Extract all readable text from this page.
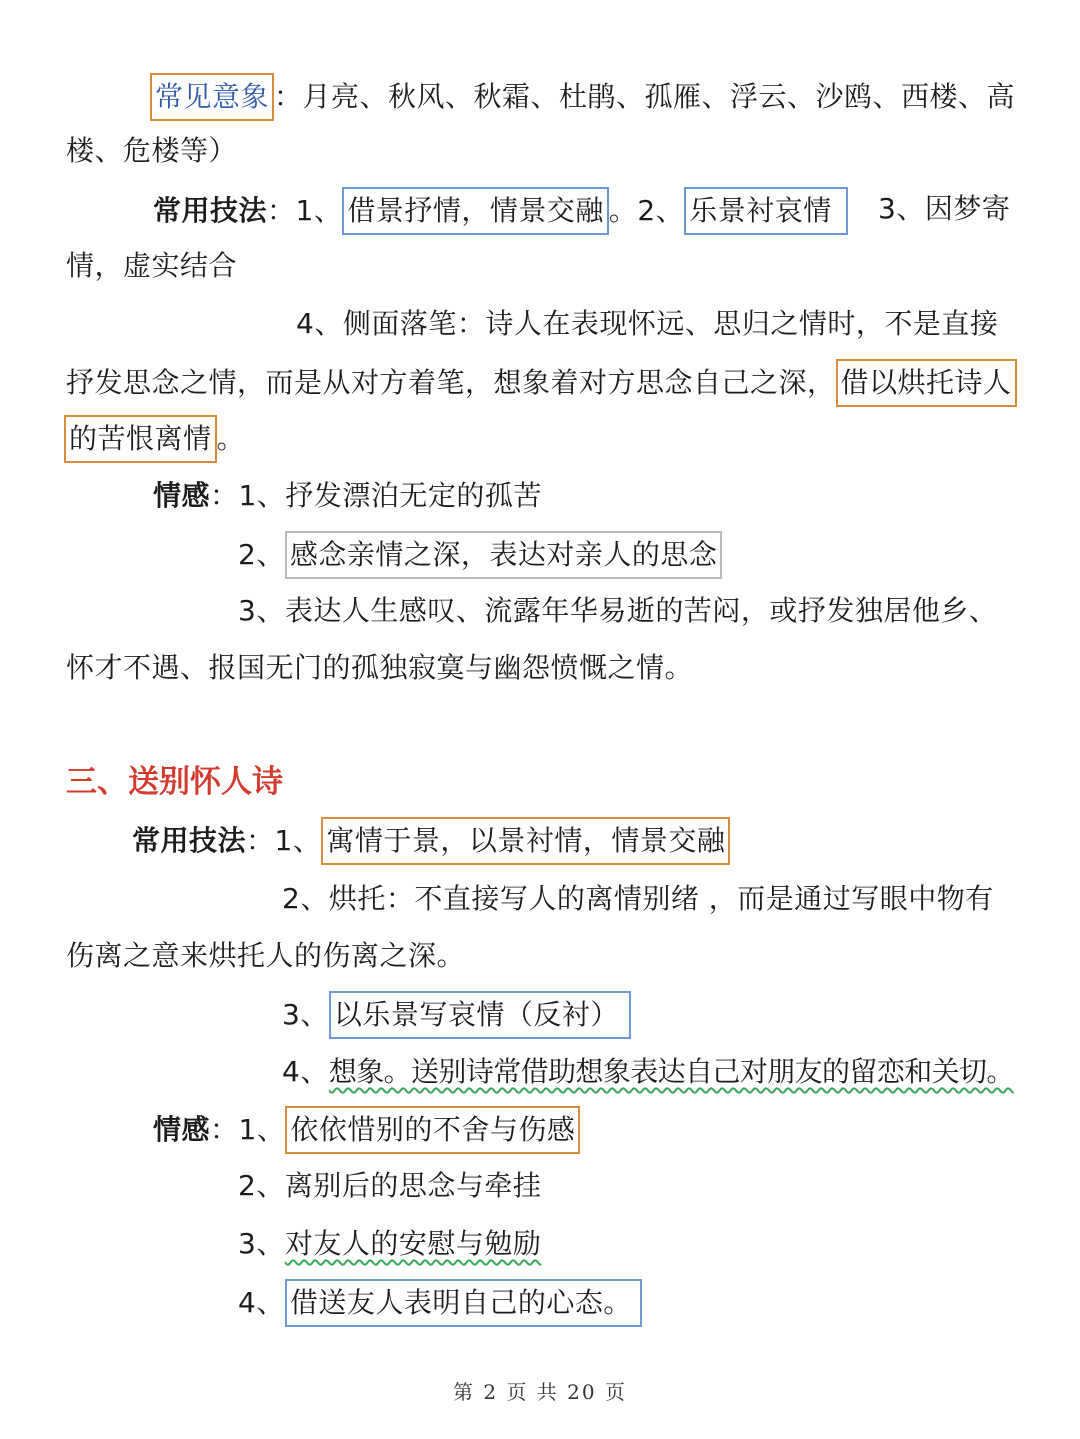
常见意象 ：月亮、秋风、秋霜、杜鹃、孤雁、浮云、沙鸥、西楼、高
楼、危楼等）
常用技法：1、 借景抒情，情景交融 。2、 乐景衬哀情	3、因梦寄
情，虚实结合
4、侧面落笔：诗人在表现怀远、思归之情时，不是直接
抒发思念之情，而是从对方着笔，想象着对方思念自己之深， 借以烘托诗人
的苦恨离情 。
情感：1、抒发漂泊无定的孤苦
2、 感念亲情之深，表达对亲人的思念
3、表达人生感叹、流露年华易逝的苦闷，或抒发独居他乡、
怀才不遇、报国无门的孤独寂寞与幽怨愤慨之情。
三、送别怀人诗
常用技法：1、 寓情于景，以景衬情，情景交融
2、烘托：不直接写人的离情别绪 ，而是通过写眼中物有
伤离之意来烘托人的伤离之深。
3、 以乐景写哀情（反衬）
4、想象。送别诗常借助想象表达自己对朋友的留恋和关切。
情感：1、 依依惜别的不舍与伤感
2、离别后的思念与牵挂
3、对友人的安慰与勉励
4、 借送友人表明自己的心态。
第 2 页 共 20 页
